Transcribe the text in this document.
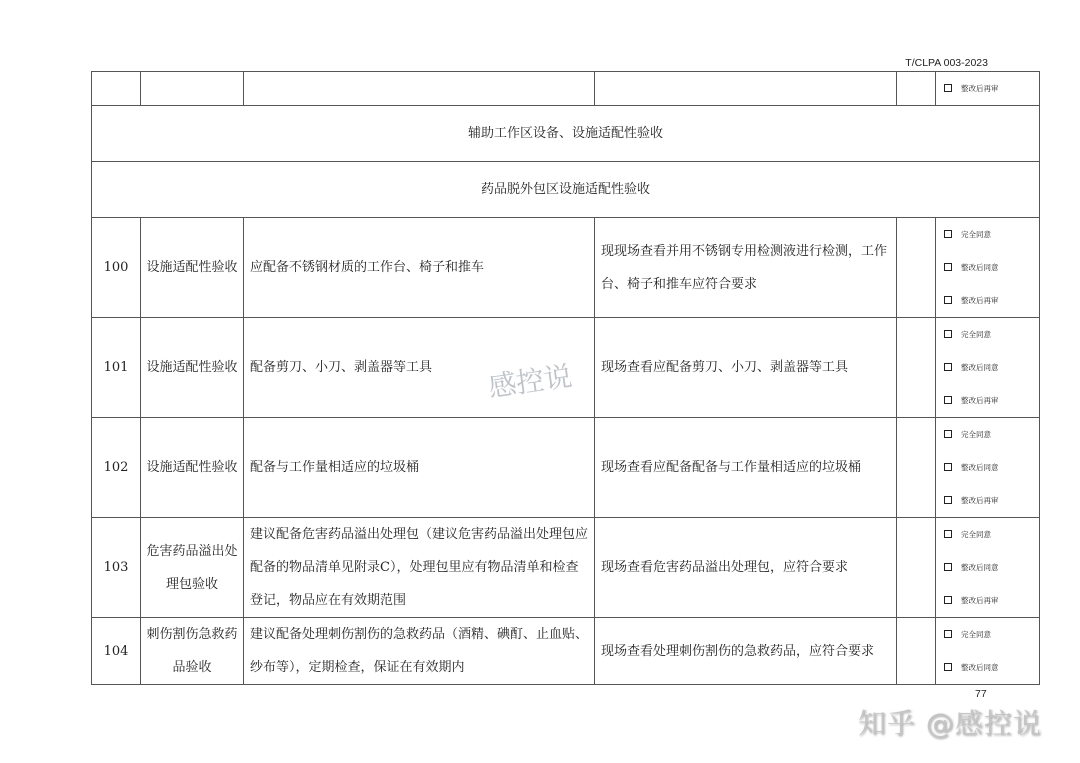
T/CLPA 003-2023

					整改后再审

辅助工作区设备、设施适配性验收					
药品脱外包区设施适配性验收					
100	设施适配性验收	应配备不锈钢材质的工作台、椅子和推车	现现场查看并用不锈钢专用检测液进行检测，工作台、椅子和推车应符合要求		完全同意
整改后同意
整改后再审

101	设施适配性验收	配备剪刀、小刀、剥盖器等工具	现场查看应配备剪刀、小刀、剥盖器等工具		完全同意
整改后同意
整改后再审

102	设施适配性验收	配备与工作量相适应的垃圾桶	现场查看应配备配备与工作量相适应的垃圾桶		完全同意
整改后同意
整改后再审

103	危害药品溢出处理包验收	建议配备危害药品溢出处理包（建议危害药品溢出处理包应配备的物品清单见附录C），处理包里应有物品清单和检查登记，物品应在有效期范围	现场查看危害药品溢出处理包，应符合要求		完全同意
整改后同意
整改后再审

104	刺伤割伤急救药品验收	建议配备处理刺伤割伤的急救药品（酒精、碘酊、止血贴、纱布等），定期检查，保证在有效期内	现场查看处理刺伤割伤的急救药品，应符合要求		完全同意
整改后同意
感控说
77
知乎 @感控说
